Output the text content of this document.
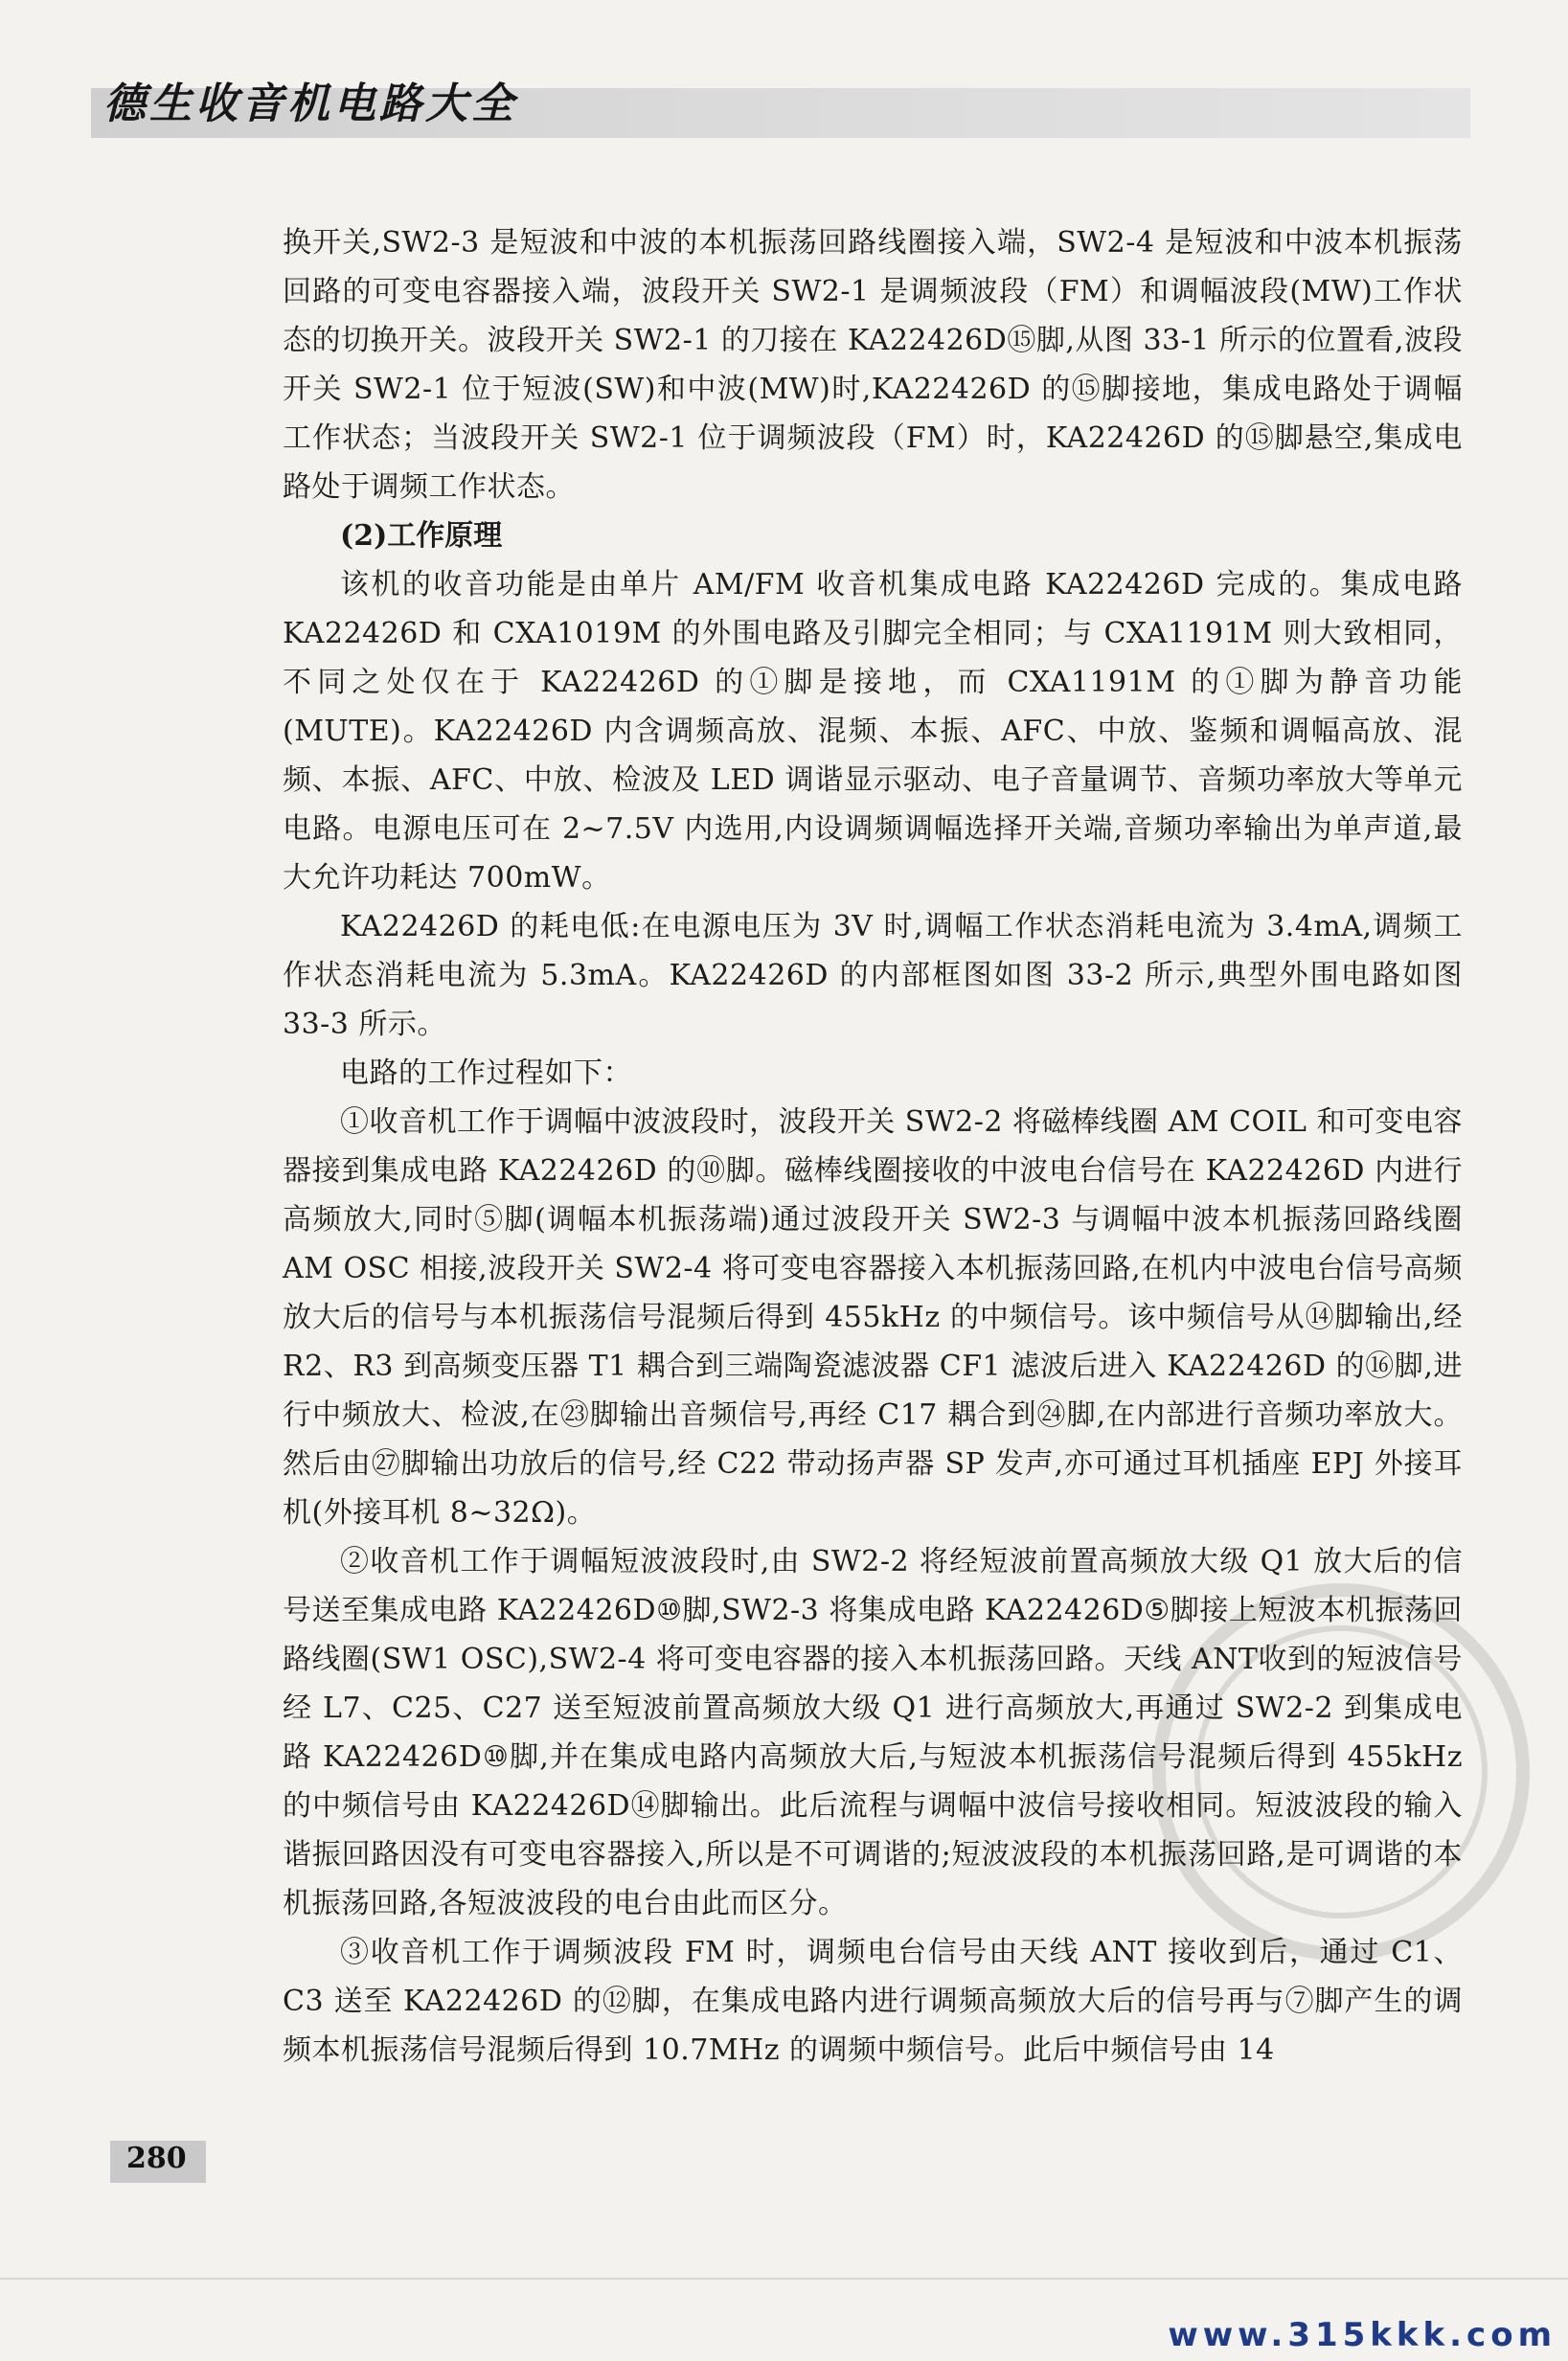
德生收音机电路大全

换开关,SW2-3 是短波和中波的本机振荡回路线圈接入端，SW2-4 是短波和中波本机振荡回路的可变电容器接入端，波段开关 SW2-1 是调频波段（FM）和调幅波段(MW)工作状态的切换开关。波段开关 SW2-1 的刀接在 KA22426D⑮脚,从图 33-1 所示的位置看,波段开关 SW2-1 位于短波(SW)和中波(MW)时,KA22426D 的⑮脚接地，集成电路处于调幅工作状态；当波段开关 SW2-1 位于调频波段（FM）时，KA22426D 的⑮脚悬空,集成电路处于调频工作状态。

(2)工作原理

该机的收音功能是由单片 AM/FM 收音机集成电路 KA22426D 完成的。集成电路 KA22426D 和 CXA1019M 的外围电路及引脚完全相同；与 CXA1191M 则大致相同，不同之处仅在于 KA22426D 的①脚是接地，而 CXA1191M 的①脚为静音功能(MUTE)。KA22426D 内含调频高放、混频、本振、AFC、中放、鉴频和调幅高放、混频、本振、AFC、中放、检波及 LED 调谐显示驱动、电子音量调节、音频功率放大等单元电路。电源电压可在 2~7.5V 内选用,内设调频调幅选择开关端,音频功率输出为单声道,最大允许功耗达 700mW。

KA22426D 的耗电低:在电源电压为 3V 时,调幅工作状态消耗电流为 3.4mA,调频工作状态消耗电流为 5.3mA。KA22426D 的内部框图如图 33-2 所示,典型外围电路如图 33-3 所示。

电路的工作过程如下：

①收音机工作于调幅中波波段时，波段开关 SW2-2 将磁棒线圈 AM COIL 和可变电容器接到集成电路 KA22426D 的⑩脚。磁棒线圈接收的中波电台信号在 KA22426D 内进行高频放大,同时⑤脚(调幅本机振荡端)通过波段开关 SW2-3 与调幅中波本机振荡回路线圈 AM OSC 相接,波段开关 SW2-4 将可变电容器接入本机振荡回路,在机内中波电台信号高频放大后的信号与本机振荡信号混频后得到 455kHz 的中频信号。该中频信号从⑭脚输出,经 R2、R3 到高频变压器 T1 耦合到三端陶瓷滤波器 CF1 滤波后进入 KA22426D 的⑯脚,进行中频放大、检波,在㉓脚输出音频信号,再经 C17 耦合到㉔脚,在内部进行音频功率放大。然后由㉗脚输出功放后的信号,经 C22 带动扬声器 SP 发声,亦可通过耳机插座 EPJ 外接耳机(外接耳机 8~32Ω)。

②收音机工作于调幅短波波段时,由 SW2-2 将经短波前置高频放大级 Q1 放大后的信号送至集成电路 KA22426D⑩脚,SW2-3 将集成电路 KA22426D⑤脚接上短波本机振荡回路线圈(SW1 OSC),SW2-4 将可变电容器的接入本机振荡回路。天线 ANT收到的短波信号经 L7、C25、C27 送至短波前置高频放大级 Q1 进行高频放大,再通过 SW2-2 到集成电路 KA22426D⑩脚,并在集成电路内高频放大后,与短波本机振荡信号混频后得到 455kHz 的中频信号由 KA22426D⑭脚输出。此后流程与调幅中波信号接收相同。短波波段的输入谐振回路因没有可变电容器接入,所以是不可调谐的;短波波段的本机振荡回路,是可调谐的本机振荡回路,各短波波段的电台由此而区分。

③收音机工作于调频波段 FM 时，调频电台信号由天线 ANT 接收到后，通过 C1、C3 送至 KA22426D 的⑫脚，在集成电路内进行调频高频放大后的信号再与⑦脚产生的调频本机振荡信号混频后得到 10.7MHz 的调频中频信号。此后中频信号由 14

280
www.315kkk.com
